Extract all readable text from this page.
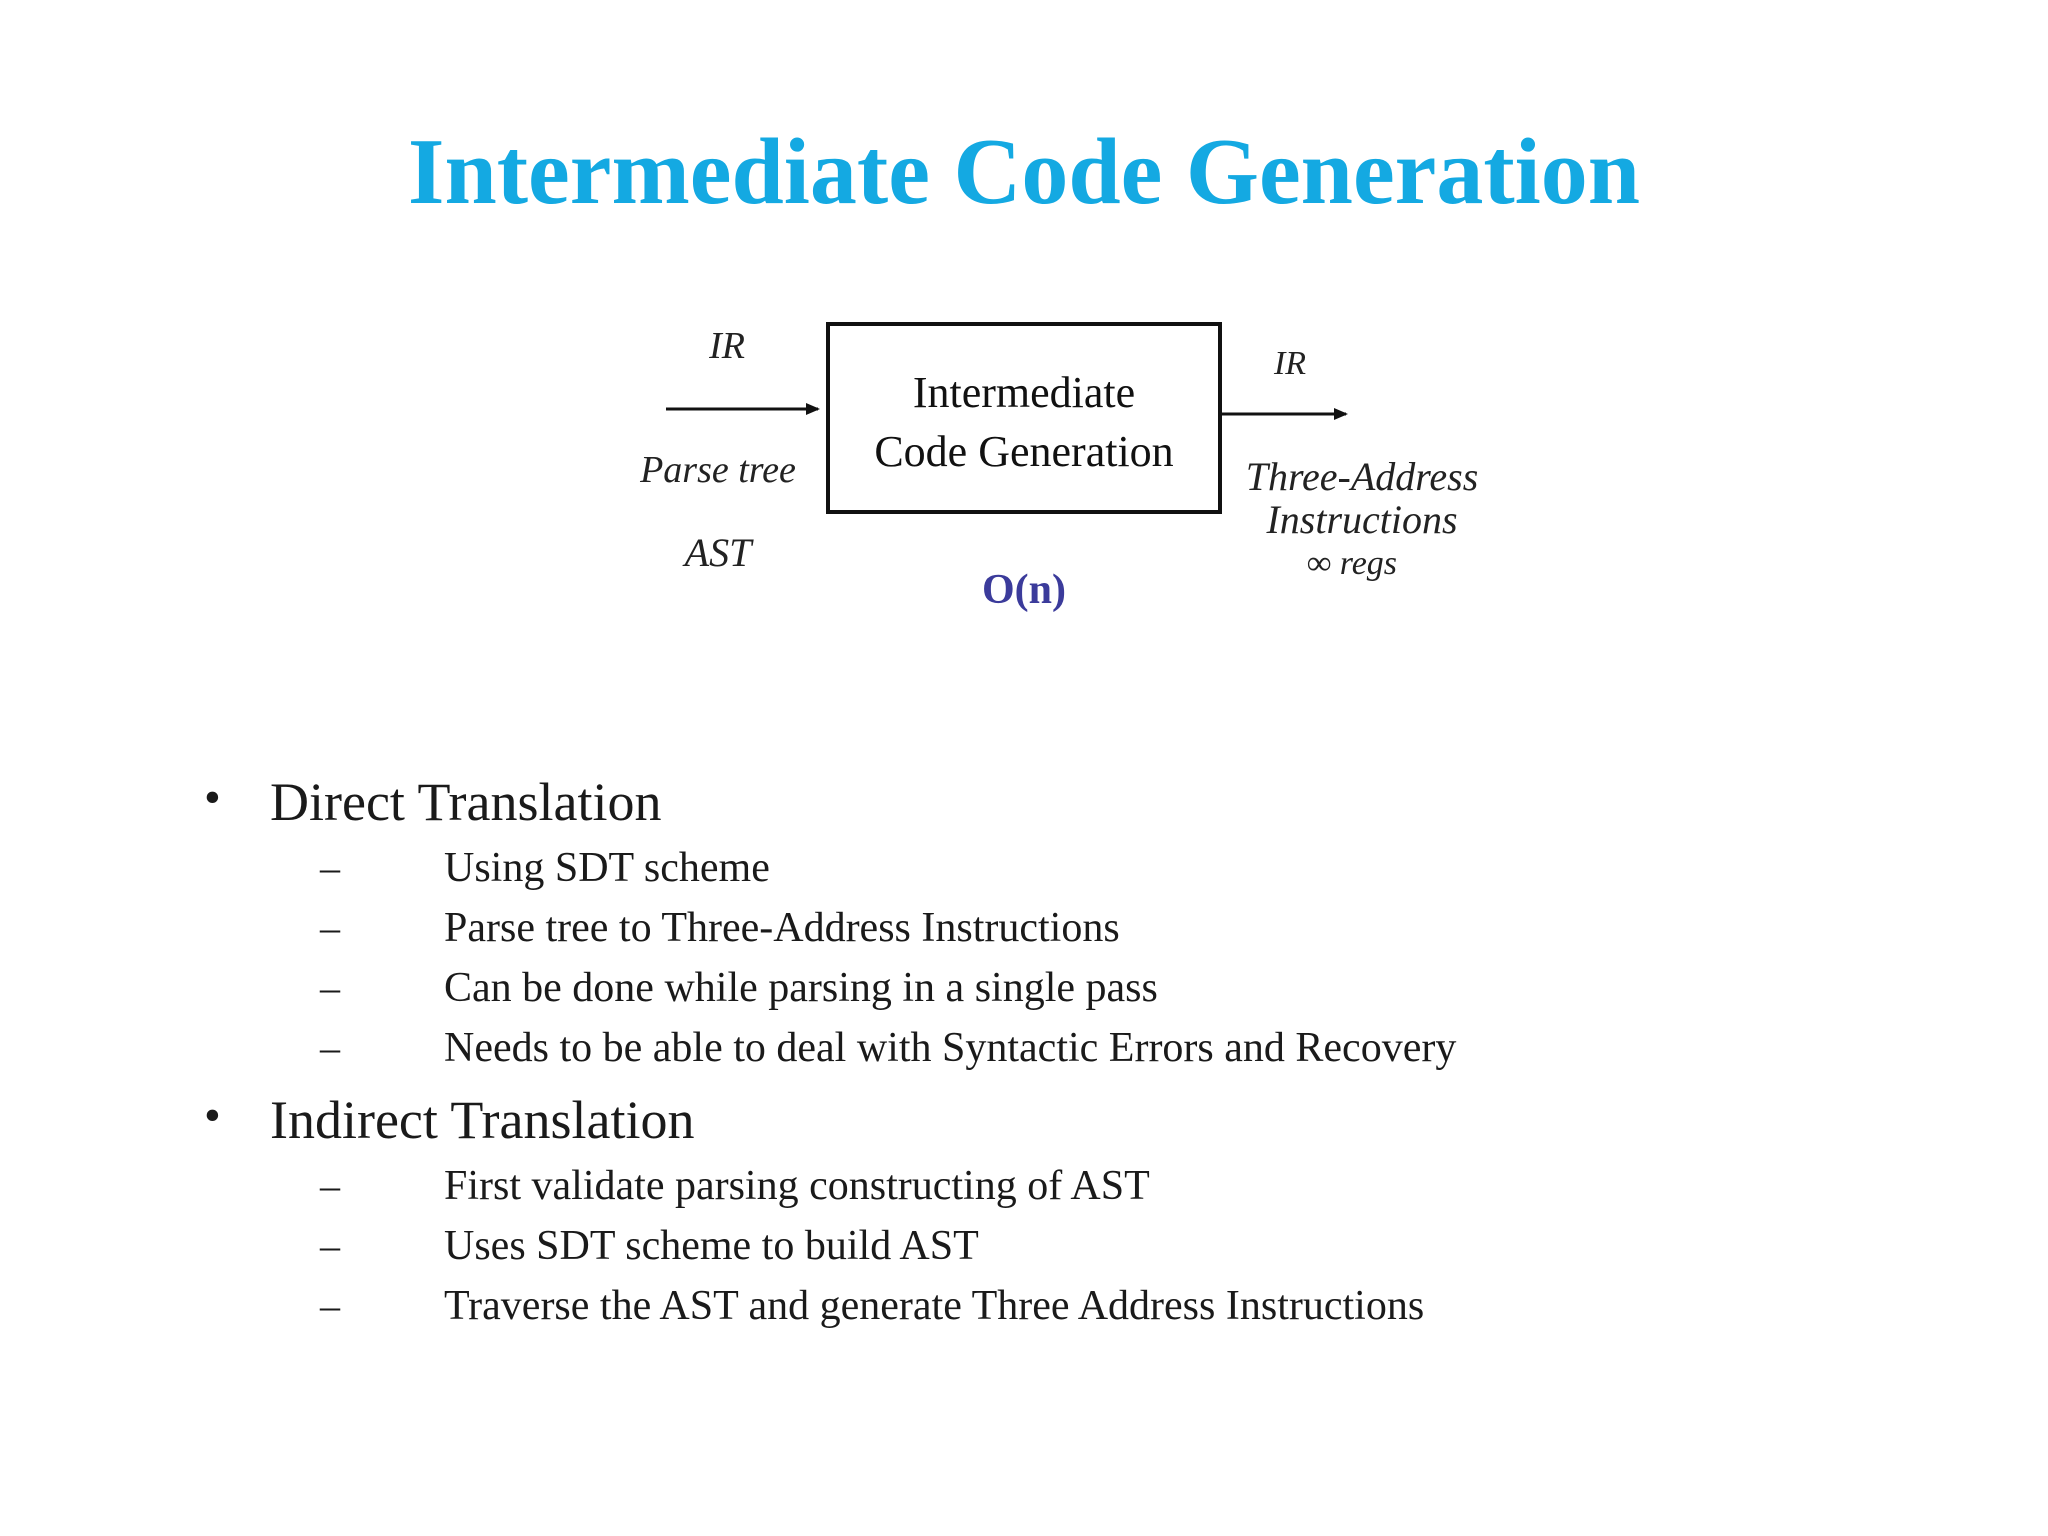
Intermediate Code Generation
IR
Parse tree
AST
Intermediate
Code Generation
IR
Three-Address
Instructions
∞ regs
O(n)
• Direct Translation
– Using SDT scheme
– Parse tree to Three-Address Instructions
– Can be done while parsing in a single pass
– Needs to be able to deal with Syntactic Errors and Recovery
• Indirect Translation
– First validate parsing constructing of AST
– Uses SDT scheme to build AST
– Traverse the AST and generate Three Address Instructions
